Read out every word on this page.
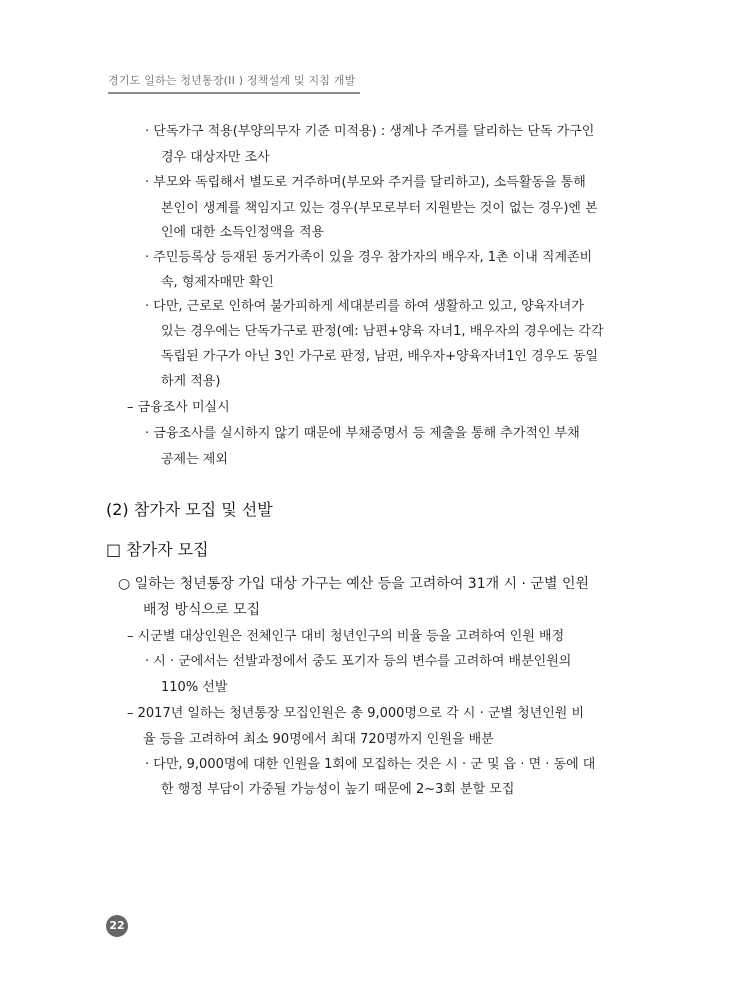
경기도 일하는 청년통장(II ) 정책설계 및 지침 개발
· 단독가구 적용(부양의무자 기준 미적용) : 생계나 주거를 달리하는 단독 가구인
경우 대상자만 조사
· 부모와 독립해서 별도로 거주하며(부모와 주거를 달리하고), 소득활동을 통해
본인이 생계를 책임지고 있는 경우(부모로부터 지원받는 것이 없는 경우)엔 본
인에 대한 소득인정액을 적용
· 주민등록상 등재된 동거가족이 있을 경우 참가자의 배우자, 1촌 이내 직계존비
속, 형제자매만 확인
· 다만, 근로로 인하여 불가피하게 세대분리를 하여 생활하고 있고, 양육자녀가
있는 경우에는 단독가구로 판정(예: 남편+양육 자녀1, 배우자의 경우에는 각각
독립된 가구가 아닌 3인 가구로 판정, 남편, 배우자+양육자녀1인 경우도 동일
하게 적용)
– 금융조사 미실시
· 금융조사를 실시하지 않기 때문에 부채증명서 등 제출을 통해 추가적인 부채
공제는 제외
(2) 참가자 모집 및 선발
□ 참가자 모집
○ 일하는 청년통장 가입 대상 가구는 예산 등을 고려하여 31개 시 · 군별 인원
배정 방식으로 모집
– 시군별 대상인원은 전체인구 대비 청년인구의 비율 등을 고려하여 인원 배정
· 시 · 군에서는 선발과정에서 중도 포기자 등의 변수를 고려하여 배분인원의
110% 선발
– 2017년 일하는 청년통장 모집인원은 총 9,000명으로 각 시 · 군별 청년인원 비
율 등을 고려하여 최소 90명에서 최대 720명까지 인원을 배분
· 다만, 9,000명에 대한 인원을 1회에 모집하는 것은 시 · 군 및 읍 · 면 · 동에 대
한 행정 부담이 가중될 가능성이 높기 때문에 2~3회 분할 모집
22
